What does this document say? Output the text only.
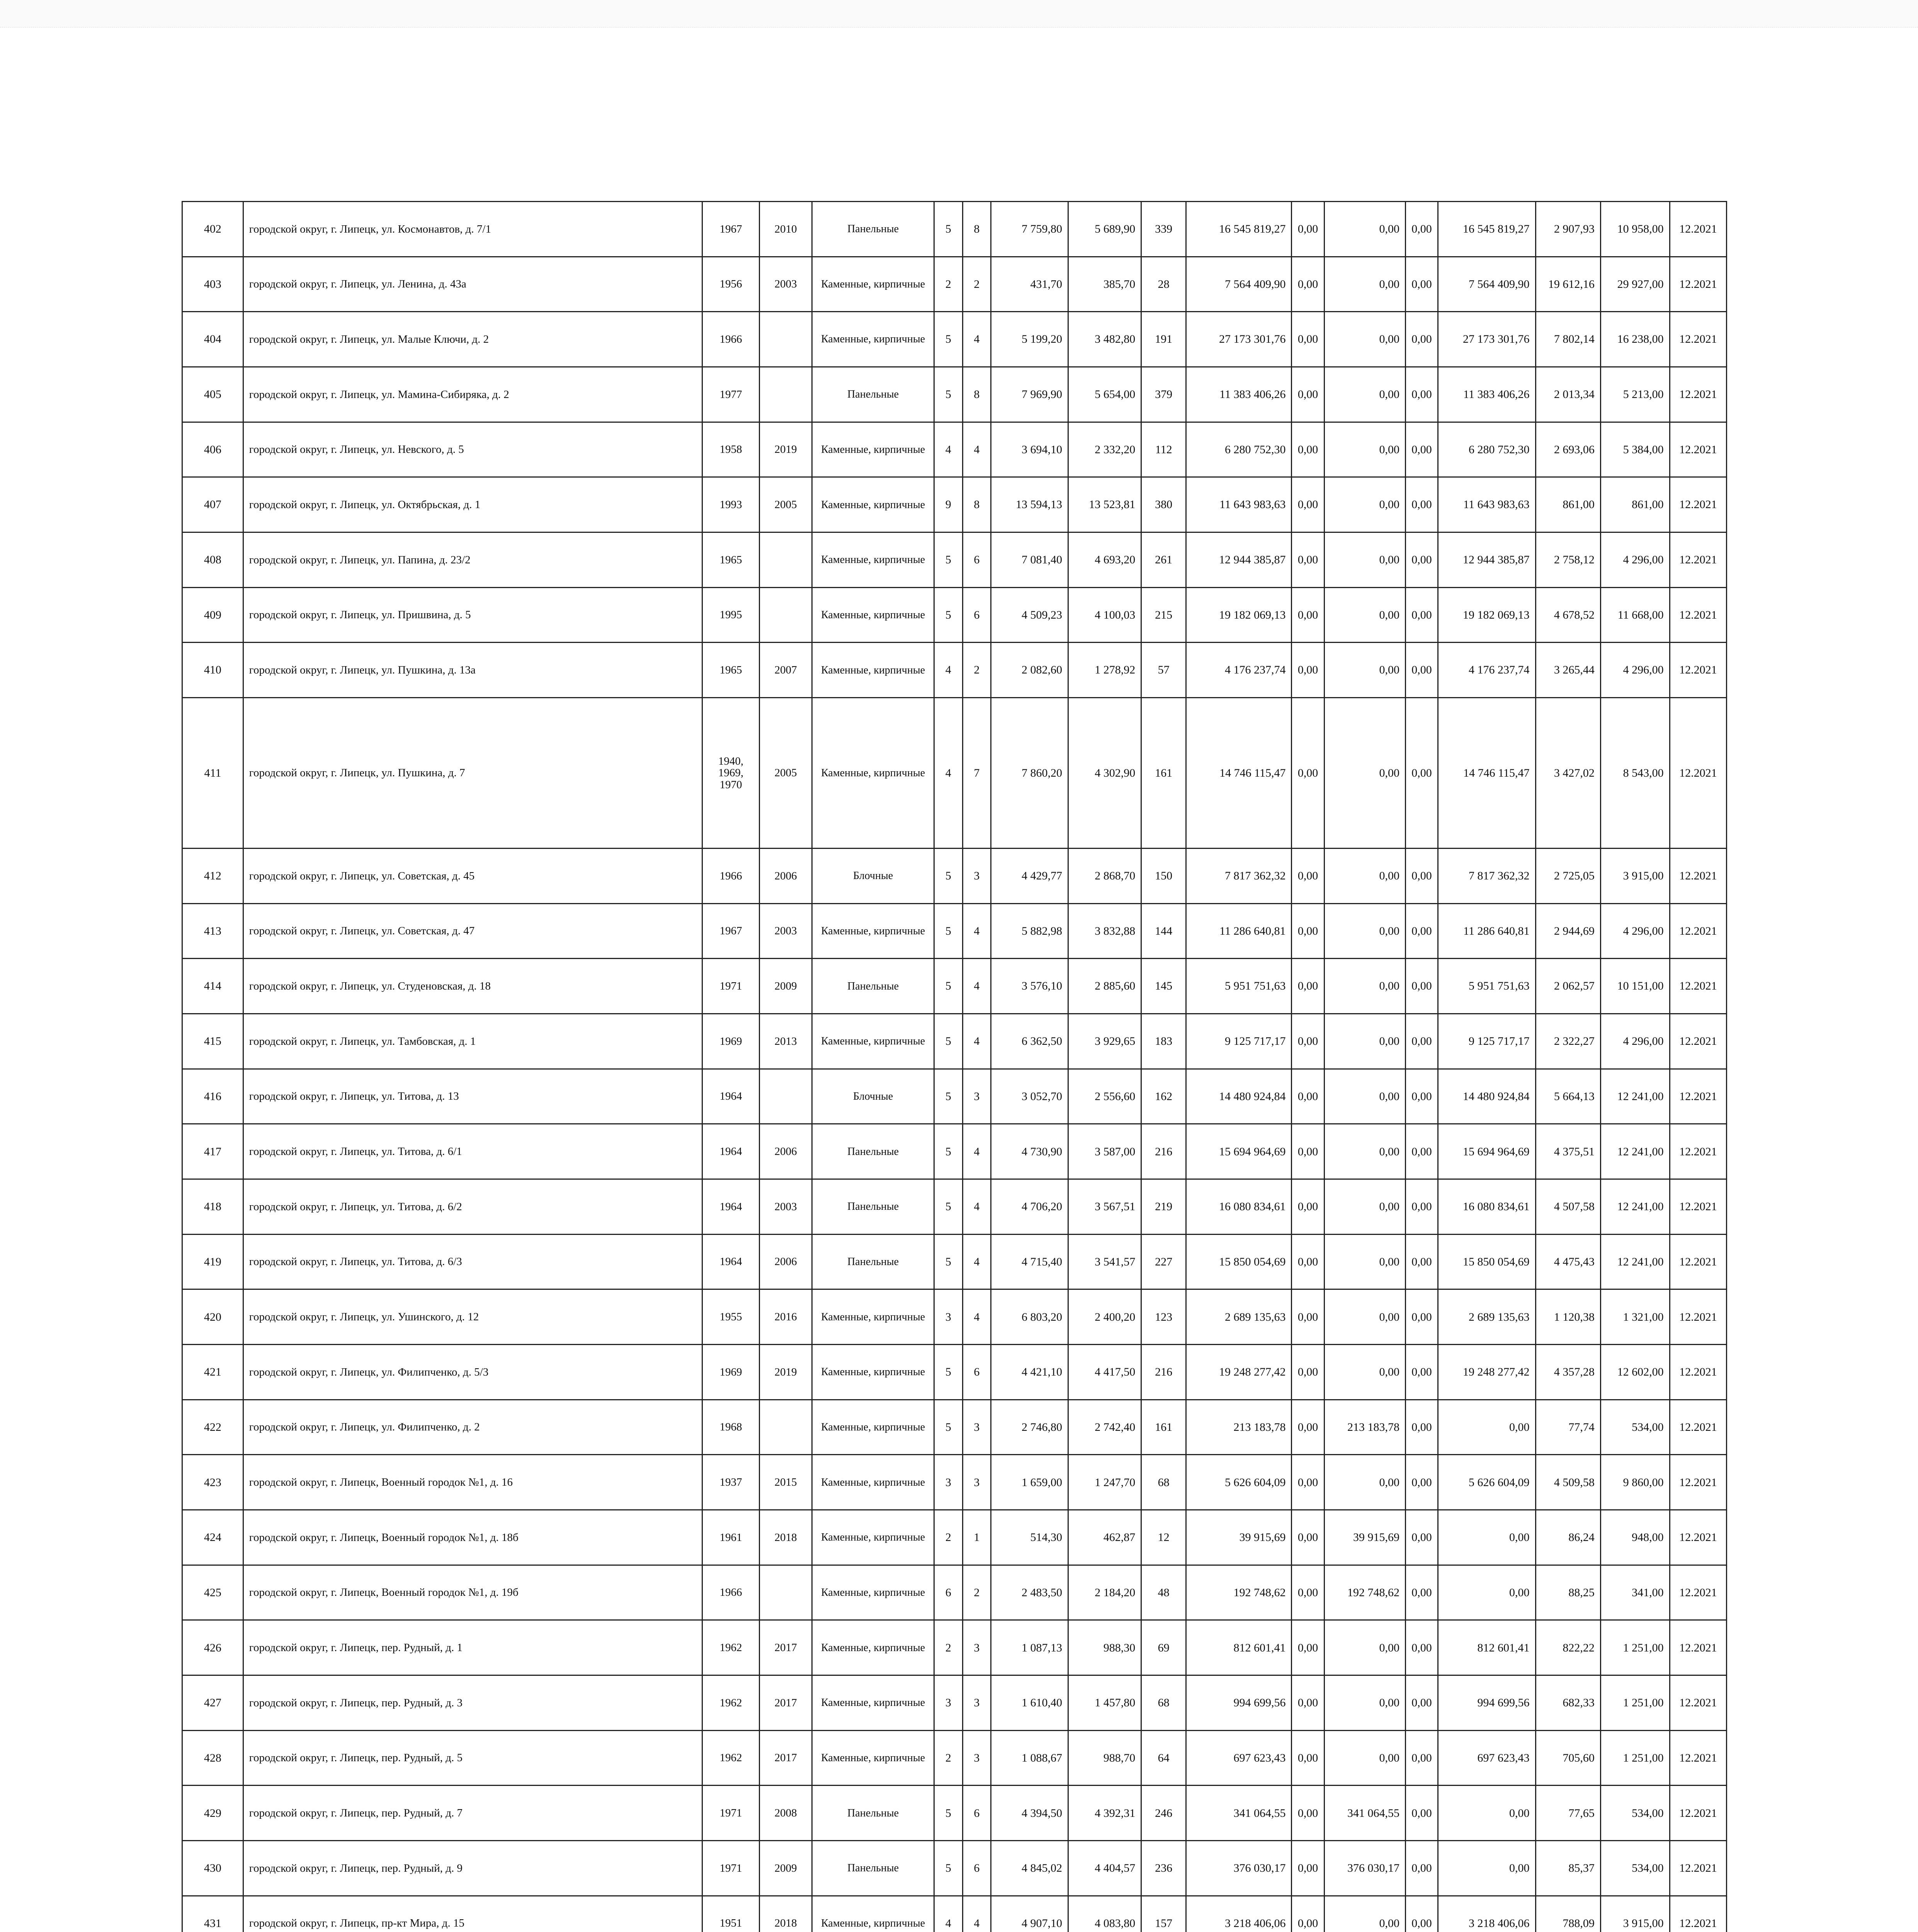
402	городской округ, г. Липецк, ул. Космонавтов, д. 7/1	1967	2010	Панельные	5	8	7 759,80	5 689,90	339	16 545 819,27	0,00	0,00	0,00	16 545 819,27	2 907,93	10 958,00	12.2021
403	городской округ, г. Липецк, ул. Ленина, д. 43а	1956	2003	Каменные, кирпичные	2	2	431,70	385,70	28	7 564 409,90	0,00	0,00	0,00	7 564 409,90	19 612,16	29 927,00	12.2021
404	городской округ, г. Липецк, ул. Малые Ключи, д. 2	1966		Каменные, кирпичные	5	4	5 199,20	3 482,80	191	27 173 301,76	0,00	0,00	0,00	27 173 301,76	7 802,14	16 238,00	12.2021
405	городской округ, г. Липецк, ул. Мамина-Сибиряка, д. 2	1977		Панельные	5	8	7 969,90	5 654,00	379	11 383 406,26	0,00	0,00	0,00	11 383 406,26	2 013,34	5 213,00	12.2021
406	городской округ, г. Липецк, ул. Невского, д. 5	1958	2019	Каменные, кирпичные	4	4	3 694,10	2 332,20	112	6 280 752,30	0,00	0,00	0,00	6 280 752,30	2 693,06	5 384,00	12.2021
407	городской округ, г. Липецк, ул. Октябрьская, д. 1	1993	2005	Каменные, кирпичные	9	8	13 594,13	13 523,81	380	11 643 983,63	0,00	0,00	0,00	11 643 983,63	861,00	861,00	12.2021
408	городской округ, г. Липецк, ул. Папина, д. 23/2	1965		Каменные, кирпичные	5	6	7 081,40	4 693,20	261	12 944 385,87	0,00	0,00	0,00	12 944 385,87	2 758,12	4 296,00	12.2021
409	городской округ, г. Липецк, ул. Пришвина, д. 5	1995		Каменные, кирпичные	5	6	4 509,23	4 100,03	215	19 182 069,13	0,00	0,00	0,00	19 182 069,13	4 678,52	11 668,00	12.2021
410	городской округ, г. Липецк, ул. Пушкина, д. 13а	1965	2007	Каменные, кирпичные	4	2	2 082,60	1 278,92	57	4 176 237,74	0,00	0,00	0,00	4 176 237,74	3 265,44	4 296,00	12.2021
411	городской округ, г. Липецк, ул. Пушкина, д. 7	1940, 1969, 1970	2005	Каменные, кирпичные	4	7	7 860,20	4 302,90	161	14 746 115,47	0,00	0,00	0,00	14 746 115,47	3 427,02	8 543,00	12.2021
412	городской округ, г. Липецк, ул. Советская, д. 45	1966	2006	Блочные	5	3	4 429,77	2 868,70	150	7 817 362,32	0,00	0,00	0,00	7 817 362,32	2 725,05	3 915,00	12.2021
413	городской округ, г. Липецк, ул. Советская, д. 47	1967	2003	Каменные, кирпичные	5	4	5 882,98	3 832,88	144	11 286 640,81	0,00	0,00	0,00	11 286 640,81	2 944,69	4 296,00	12.2021
414	городской округ, г. Липецк, ул. Студеновская, д. 18	1971	2009	Панельные	5	4	3 576,10	2 885,60	145	5 951 751,63	0,00	0,00	0,00	5 951 751,63	2 062,57	10 151,00	12.2021
415	городской округ, г. Липецк, ул. Тамбовская, д. 1	1969	2013	Каменные, кирпичные	5	4	6 362,50	3 929,65	183	9 125 717,17	0,00	0,00	0,00	9 125 717,17	2 322,27	4 296,00	12.2021
416	городской округ, г. Липецк, ул. Титова, д. 13	1964		Блочные	5	3	3 052,70	2 556,60	162	14 480 924,84	0,00	0,00	0,00	14 480 924,84	5 664,13	12 241,00	12.2021
417	городской округ, г. Липецк, ул. Титова, д. 6/1	1964	2006	Панельные	5	4	4 730,90	3 587,00	216	15 694 964,69	0,00	0,00	0,00	15 694 964,69	4 375,51	12 241,00	12.2021
418	городской округ, г. Липецк, ул. Титова, д. 6/2	1964	2003	Панельные	5	4	4 706,20	3 567,51	219	16 080 834,61	0,00	0,00	0,00	16 080 834,61	4 507,58	12 241,00	12.2021
419	городской округ, г. Липецк, ул. Титова, д. 6/3	1964	2006	Панельные	5	4	4 715,40	3 541,57	227	15 850 054,69	0,00	0,00	0,00	15 850 054,69	4 475,43	12 241,00	12.2021
420	городской округ, г. Липецк, ул. Ушинского, д. 12	1955	2016	Каменные, кирпичные	3	4	6 803,20	2 400,20	123	2 689 135,63	0,00	0,00	0,00	2 689 135,63	1 120,38	1 321,00	12.2021
421	городской округ, г. Липецк, ул. Филипченко, д. 5/3	1969	2019	Каменные, кирпичные	5	6	4 421,10	4 417,50	216	19 248 277,42	0,00	0,00	0,00	19 248 277,42	4 357,28	12 602,00	12.2021
422	городской округ, г. Липецк, ул. Филипченко, д. 2	1968		Каменные, кирпичные	5	3	2 746,80	2 742,40	161	213 183,78	0,00	213 183,78	0,00	0,00	77,74	534,00	12.2021
423	городской округ, г. Липецк, Военный городок №1, д. 16	1937	2015	Каменные, кирпичные	3	3	1 659,00	1 247,70	68	5 626 604,09	0,00	0,00	0,00	5 626 604,09	4 509,58	9 860,00	12.2021
424	городской округ, г. Липецк, Военный городок №1, д. 18б	1961	2018	Каменные, кирпичные	2	1	514,30	462,87	12	39 915,69	0,00	39 915,69	0,00	0,00	86,24	948,00	12.2021
425	городской округ, г. Липецк, Военный городок №1, д. 19б	1966		Каменные, кирпичные	6	2	2 483,50	2 184,20	48	192 748,62	0,00	192 748,62	0,00	0,00	88,25	341,00	12.2021
426	городской округ, г. Липецк, пер. Рудный, д. 1	1962	2017	Каменные, кирпичные	2	3	1 087,13	988,30	69	812 601,41	0,00	0,00	0,00	812 601,41	822,22	1 251,00	12.2021
427	городской округ, г. Липецк, пер. Рудный, д. 3	1962	2017	Каменные, кирпичные	3	3	1 610,40	1 457,80	68	994 699,56	0,00	0,00	0,00	994 699,56	682,33	1 251,00	12.2021
428	городской округ, г. Липецк, пер. Рудный, д. 5	1962	2017	Каменные, кирпичные	2	3	1 088,67	988,70	64	697 623,43	0,00	0,00	0,00	697 623,43	705,60	1 251,00	12.2021
429	городской округ, г. Липецк, пер. Рудный, д. 7	1971	2008	Панельные	5	6	4 394,50	4 392,31	246	341 064,55	0,00	341 064,55	0,00	0,00	77,65	534,00	12.2021
430	городской округ, г. Липецк, пер. Рудный, д. 9	1971	2009	Панельные	5	6	4 845,02	4 404,57	236	376 030,17	0,00	376 030,17	0,00	0,00	85,37	534,00	12.2021
431	городской округ, г. Липецк, пр-кт Мира, д. 15	1951	2018	Каменные, кирпичные	4	4	4 907,10	4 083,80	157	3 218 406,06	0,00	0,00	0,00	3 218 406,06	788,09	3 915,00	12.2021
